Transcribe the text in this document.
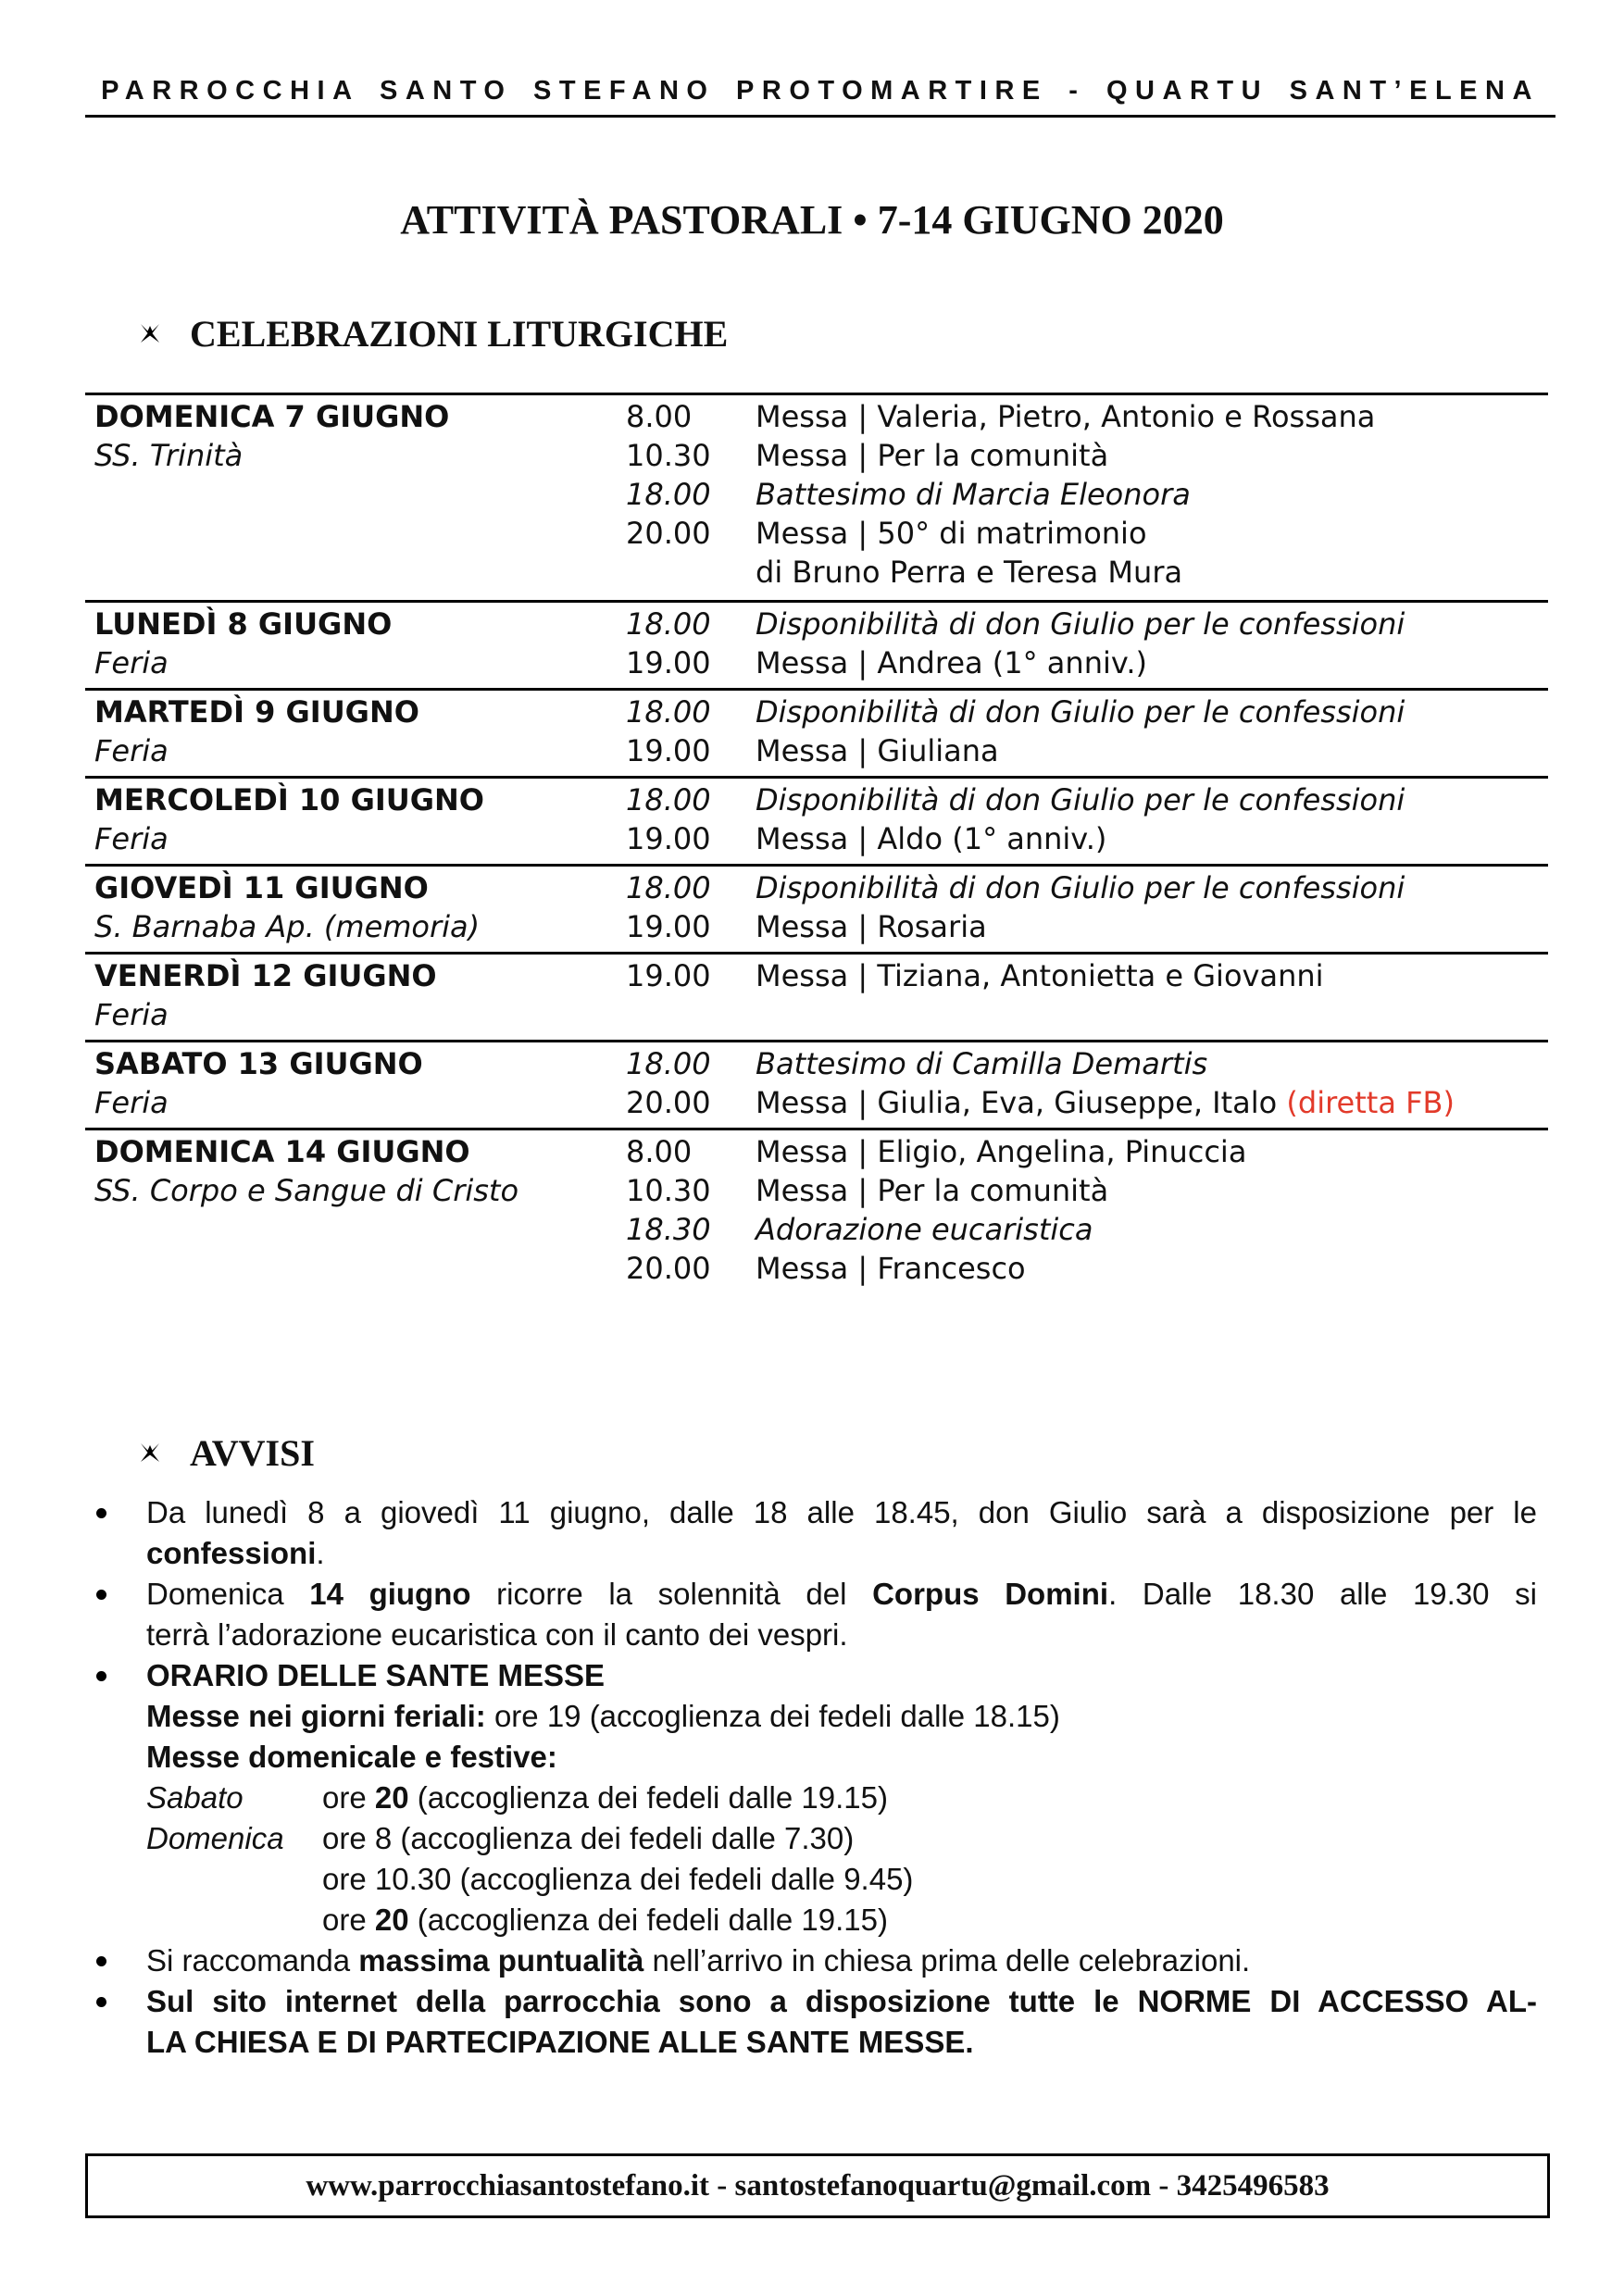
PARROCCHIA SANTO STEFANO PROTOMARTIRE - QUARTU SANT’ELENA
ATTIVITÀ PASTORALI • 7-14 GIUGNO 2020
CELEBRAZIONI LITURGICHE
DOMENICA 7 GIUGNO
SS. Trinità
8.00	Messa | Valeria, Pietro, Antonio e Rossana
10.30	Messa | Per la comunità
18.00	Battesimo di Marcia Eleonora
20.00	Messa | 50° di matrimonio
di Bruno Perra e Teresa Mura
LUNEDÌ 8 GIUGNO
Feria
18.00	Disponibilità di don Giulio per le confessioni
19.00	Messa | Andrea (1° anniv.)
MARTEDÌ 9 GIUGNO
Feria
18.00	Disponibilità di don Giulio per le confessioni
19.00	Messa | Giuliana
MERCOLEDÌ 10 GIUGNO
Feria
18.00	Disponibilità di don Giulio per le confessioni
19.00	Messa | Aldo (1° anniv.)
GIOVEDÌ 11 GIUGNO
S. Barnaba Ap. (memoria)
18.00	Disponibilità di don Giulio per le confessioni
19.00	Messa | Rosaria
VENERDÌ 12 GIUGNO
Feria
19.00	Messa | Tiziana, Antonietta e Giovanni
SABATO 13 GIUGNO
Feria
18.00	Battesimo di Camilla Demartis
20.00	Messa | Giulia, Eva, Giuseppe, Italo (diretta FB)
DOMENICA 14 GIUGNO
SS. Corpo e Sangue di Cristo
8.00	Messa | Eligio, Angelina, Pinuccia
10.30	Messa | Per la comunità
18.30	Adorazione eucaristica
20.00	Messa | Francesco
AVVISI
Da lunedì 8 a giovedì 11 giugno, dalle 18 alle 18.45, don Giulio sarà a disposizione per le
confessioni.
Domenica 14 giugno ricorre la solennità del Corpus Domini. Dalle 18.30 alle 19.30 si
terrà l’adorazione eucaristica con il canto dei vespri.
ORARIO DELLE SANTE MESSE
Messe nei giorni feriali: ore 19 (accoglienza dei fedeli dalle 18.15)
Messe domenicale e festive:
Sabato	ore 20 (accoglienza dei fedeli dalle 19.15)
Domenica	ore 8 (accoglienza dei fedeli dalle 7.30)
ore 10.30 (accoglienza dei fedeli dalle 9.45)
ore 20 (accoglienza dei fedeli dalle 19.15)
Si raccomanda massima puntualità nell’arrivo in chiesa prima delle celebrazioni.
Sul sito internet della parrocchia sono a disposizione tutte le NORME DI ACCESSO AL-
LA CHIESA E DI PARTECIPAZIONE ALLE SANTE MESSE.
www.parrocchiasantostefano.it - santostefanoquartu@gmail.com - 3425496583
